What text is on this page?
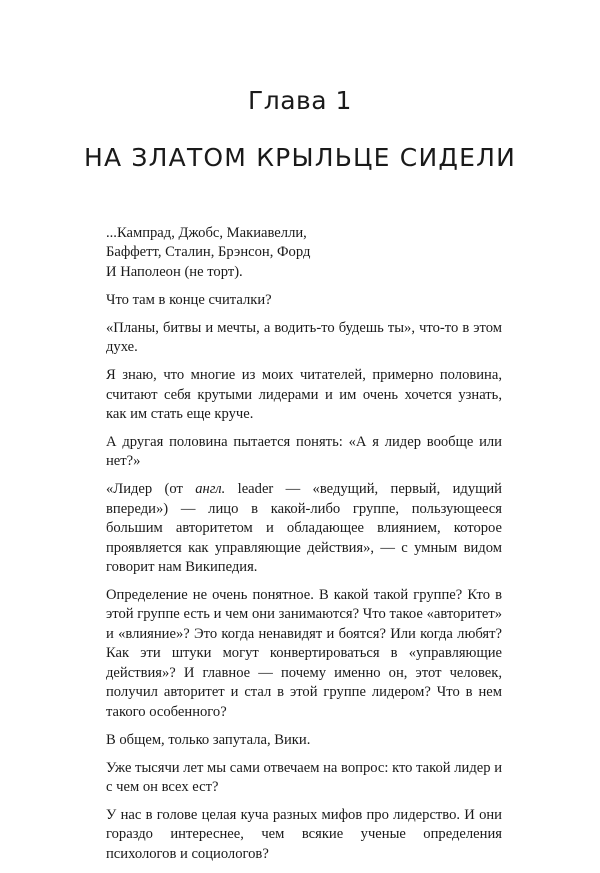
Глава 1
НА ЗЛАТОМ КРЫЛЬЦЕ СИДЕЛИ

...Кампрад, Джобс, Макиавелли,
Баффетт, Сталин, Брэнсон, Форд
И Наполеон (не торт).

Что там в конце считалки?

«Планы, битвы и мечты, а водить-то будешь ты», что-то в этом духе.

Я знаю, что многие из моих читателей, примерно половина, считают себя крутыми лидерами и им очень хочется узнать, как им стать еще круче.

А другая половина пытается понять: «А я лидер вообще или нет?»

«Лидер (от англ. leader — «ведущий, первый, идущий впереди») — лицо в какой-либо группе, пользующееся большим авторитетом и обладающее влиянием, которое проявляется как управляющие действия», — с умным видом говорит нам Википедия.

Определение не очень понятное. В какой такой группе? Кто в этой группе есть и чем они занимаются? Что такое «авторитет» и «влияние»? Это когда ненавидят и боятся? Или когда любят? Как эти штуки могут конвертироваться в «управляющие действия»? И главное — почему именно он, этот человек, получил авторитет и стал в этой группе лидером? Что в нем такого особенного?

В общем, только запутала, Вики.

Уже тысячи лет мы сами отвечаем на вопрос: кто такой лидер и с чем он всех ест?

У нас в голове целая куча разных мифов про лидерство. И они гораздо интереснее, чем всякие ученые определения психологов и социологов?
